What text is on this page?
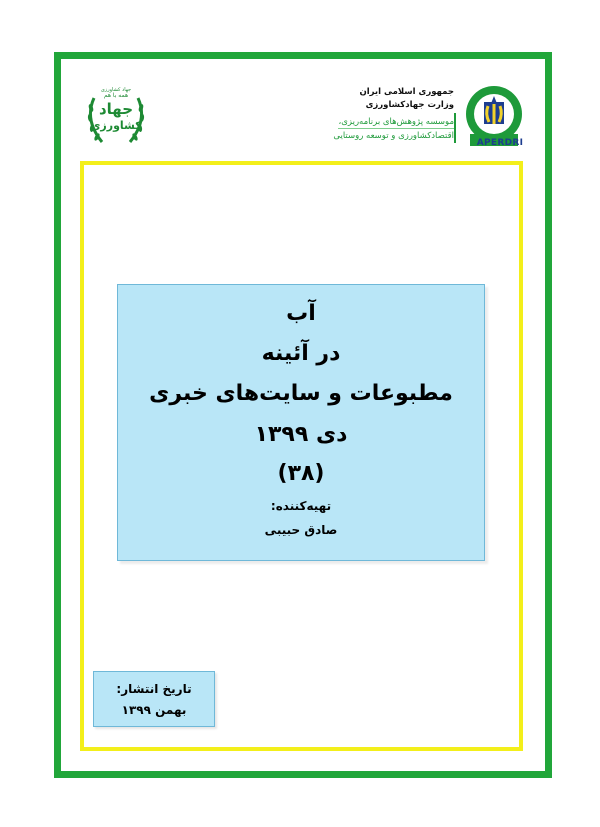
APERDRI
جمهوری اسلامی ایران
وزارت جهادکشاورزی
موسسه پژوهش‌های برنامه‌ریزی،
اقتصادکشاورزی و توسعه روستایی
جهاد کشاورزی
همه با هم
جهاد
کشاورزی
آب
در آئینه
مطبوعات و سایت‌های خبری
دی ۱۳۹۹
(۳۸)
تهیه‌کننده:
صادق حبیبی
تاریخ انتشار:
بهمن ۱۳۹۹
